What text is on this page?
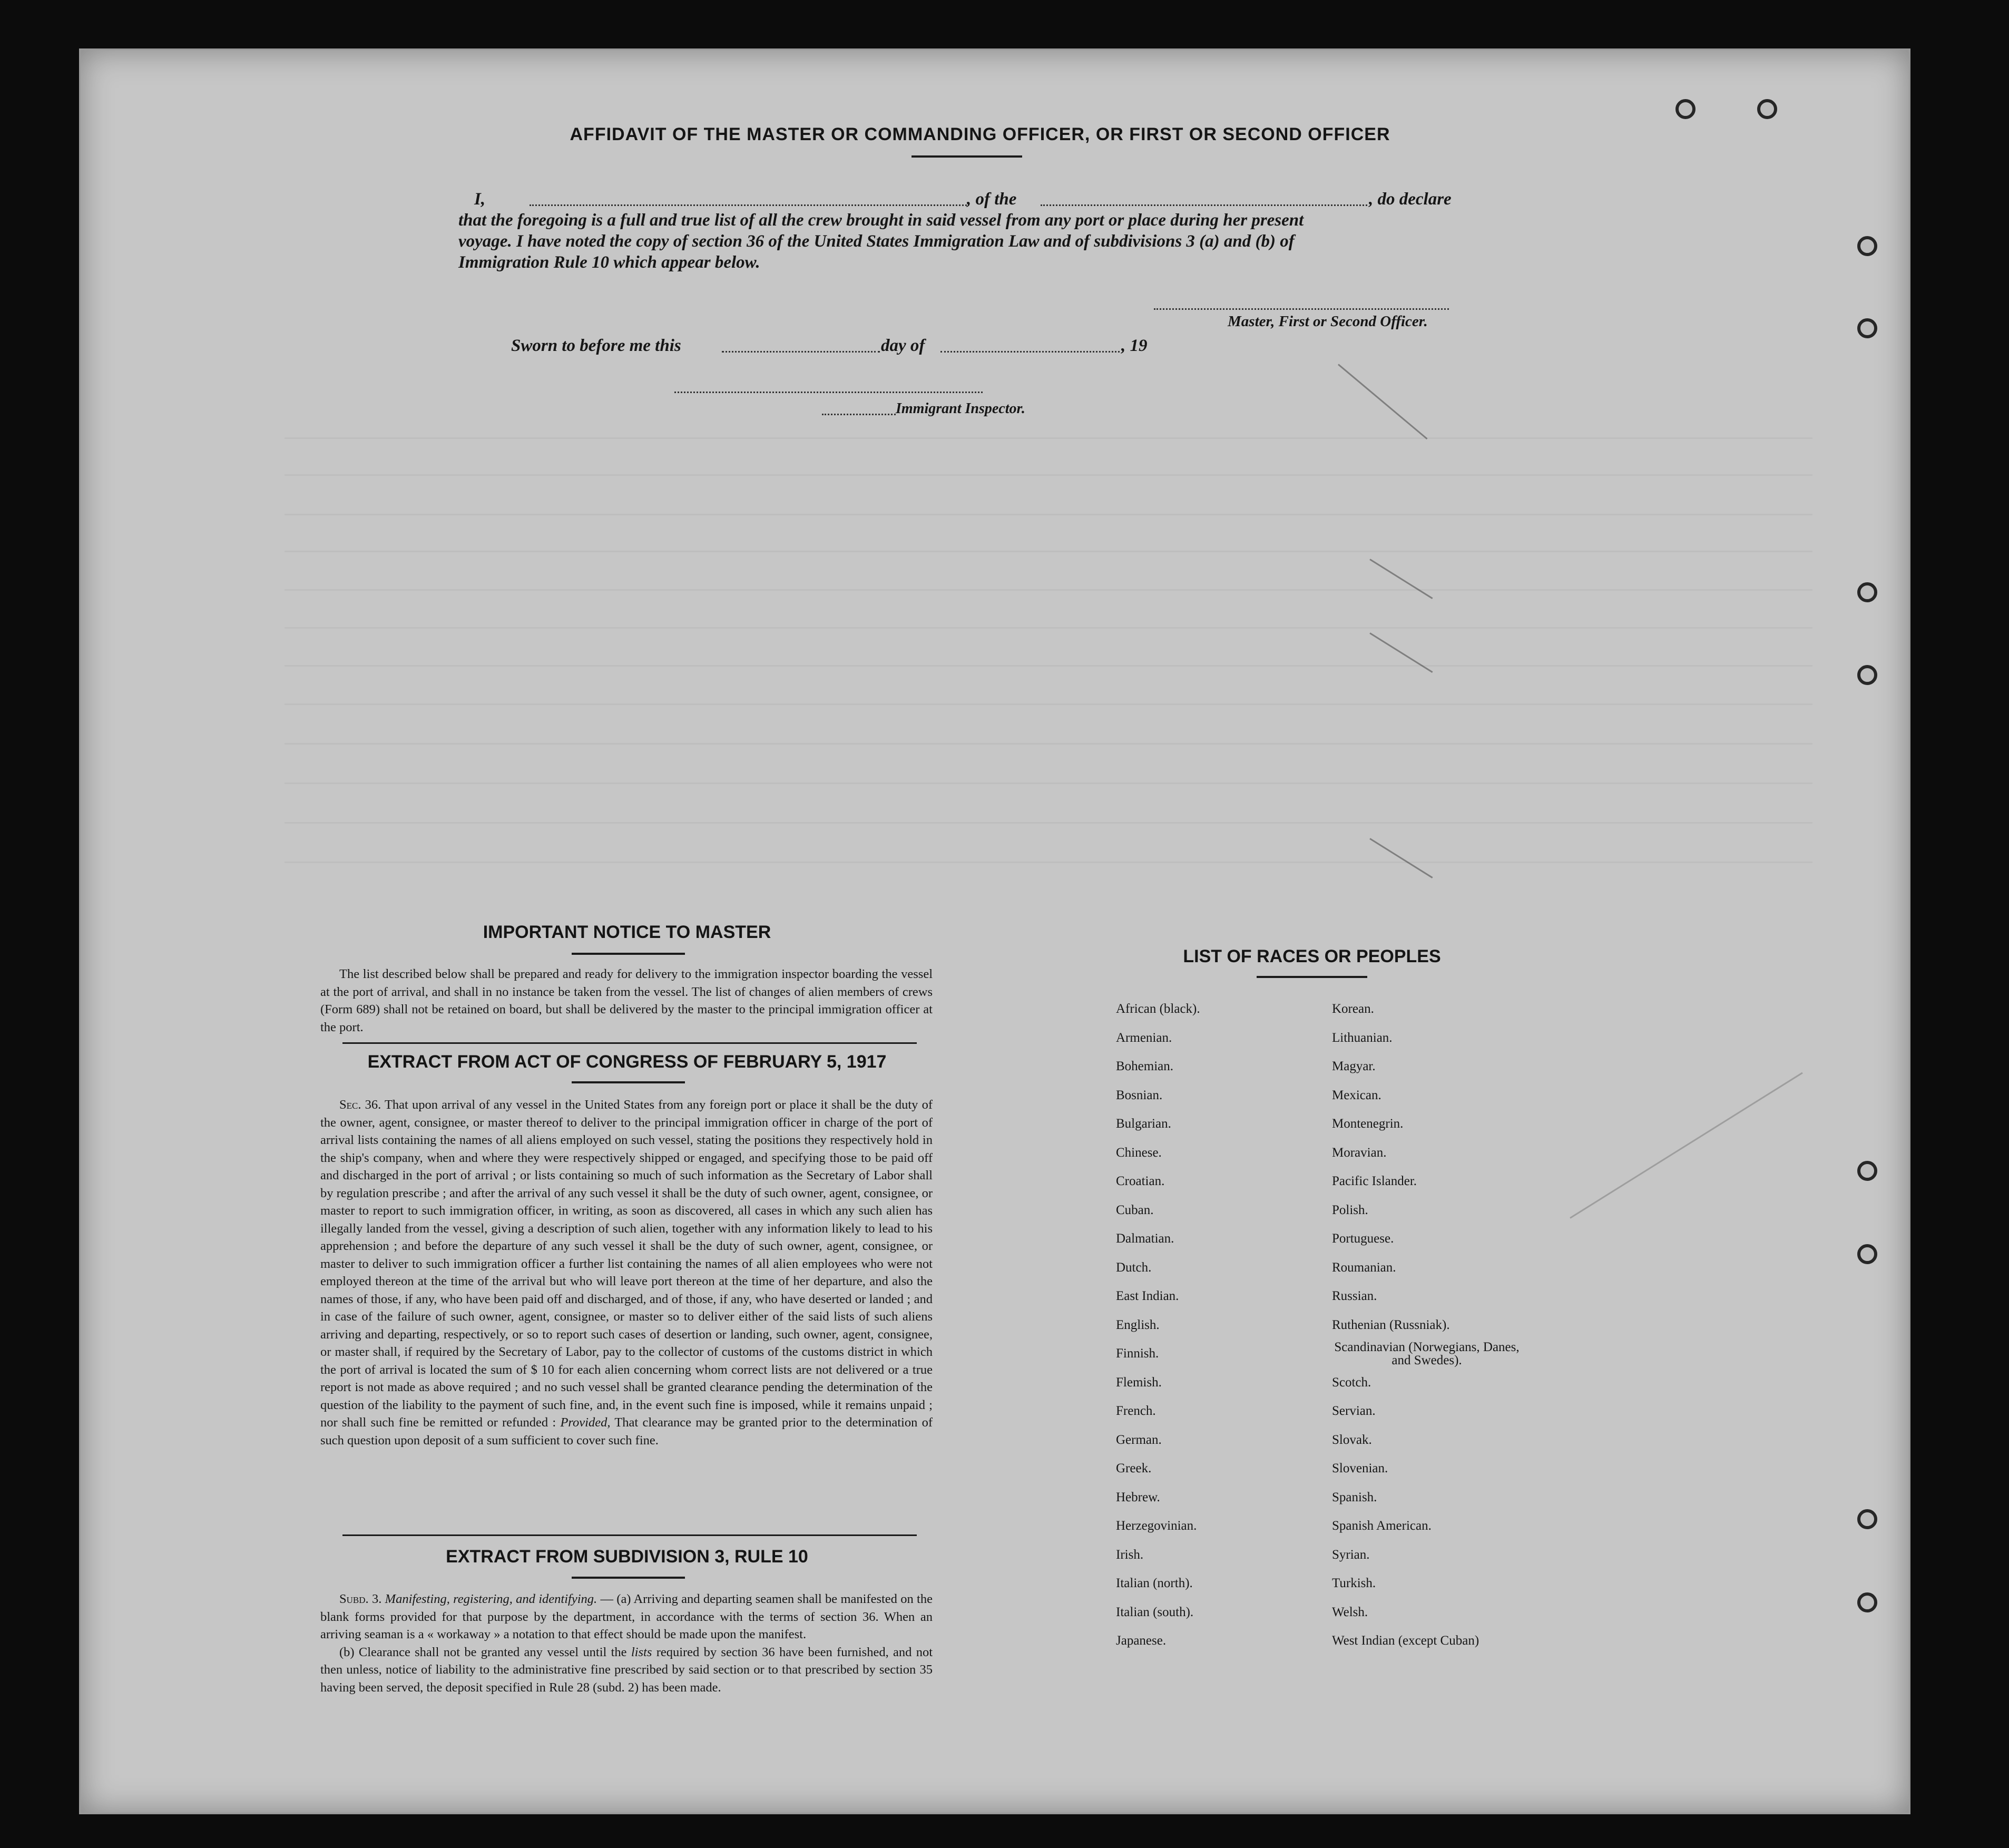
AFFIDAVIT OF THE MASTER OR COMMANDING OFFICER, OR FIRST OR SECOND OFFICER
I,	, of the	, do declare
that the foregoing is a full and true list of all the crew brought in said vessel from any port or place during her present
voyage. I have noted the copy of section 36 of the United States Immigration Law and of subdivisions 3 (a) and (b) of
Immigration Rule 10 which appear below.
Master, First or Second Officer.
Sworn to before me this	day of	, 19
Immigrant Inspector.
IMPORTANT NOTICE TO MASTER

The list described below shall be prepared and ready for delivery to the immigration inspector boarding the vessel at the port of arrival, and shall in no instance be taken from the vessel. The list of changes of alien members of crews (Form 689) shall not be retained on board, but shall be delivered by the master to the principal immigration officer at the port.

EXTRACT FROM ACT OF CONGRESS OF FEBRUARY 5, 1917

Sec. 36. That upon arrival of any vessel in the United States from any foreign port or place it shall be the duty of the owner, agent, consignee, or master thereof to deliver to the principal immigration officer in charge of the port of arrival lists containing the names of all aliens employed on such vessel, stating the positions they respectively hold in the ship's company, when and where they were respectively shipped or engaged, and specifying those to be paid off and discharged in the port of arrival ; or lists containing so much of such information as the Secretary of Labor shall by regulation prescribe ; and after the arrival of any such vessel it shall be the duty of such owner, agent, consignee, or master to report to such immigration officer, in writing, as soon as discovered, all cases in which any such alien has illegally landed from the vessel, giving a description of such alien, together with any information likely to lead to his apprehension ; and before the departure of any such vessel it shall be the duty of such owner, agent, consignee, or master to deliver to such immigration officer a further list containing the names of all alien employees who were not employed thereon at the time of the arrival but who will leave port thereon at the time of her departure, and also the names of those, if any, who have been paid off and discharged, and of those, if any, who have deserted or landed ; and in case of the failure of such owner, agent, consignee, or master so to deliver either of the said lists of such aliens arriving and departing, respectively, or so to report such cases of desertion or landing, such owner, agent, consignee, or master shall, if required by the Secretary of Labor, pay to the collector of customs of the customs district in which the port of arrival is located the sum of $ 10 for each alien concerning whom correct lists are not delivered or a true report is not made as above required ; and no such vessel shall be granted clearance pending the determination of the question of the liability to the payment of such fine, and, in the event such fine is imposed, while it remains unpaid ; nor shall such fine be remitted or refunded : Provided, That clearance may be granted prior to the determination of such question upon deposit of a sum sufficient to cover such fine.

EXTRACT FROM SUBDIVISION 3, RULE 10

Subd. 3. Manifesting, registering, and identifying. — (a) Arriving and departing seamen shall be manifested on the blank forms provided for that purpose by the department, in accordance with the terms of section 36. When an arriving seaman is a « workaway » a notation to that effect should be made upon the manifest.

(b) Clearance shall not be granted any vessel until the lists required by section 36 have been furnished, and not then unless, notice of liability to the administrative fine prescribed by said section or to that prescribed by section 35 having been served, the deposit specified in Rule 28 (subd. 2) has been made.

LIST OF RACES OR PEOPLES
African (black).
Armenian.
Bohemian.
Bosnian.
Bulgarian.
Chinese.
Croatian.
Cuban.
Dalmatian.
Dutch.
East Indian.
English.
Finnish.
Flemish.
French.
German.
Greek.
Hebrew.
Herzegovinian.
Irish.
Italian (north).
Italian (south).
Japanese.
Korean.
Lithuanian.
Magyar.
Mexican.
Montenegrin.
Moravian.
Pacific Islander.
Polish.
Portuguese.
Roumanian.
Russian.
Ruthenian (Russniak).
Scandinavian (Norwegians, Danes, and Swedes).
Scotch.
Servian.
Slovak.
Slovenian.
Spanish.
Spanish American.
Syrian.
Turkish.
Welsh.
West Indian (except Cuban)
